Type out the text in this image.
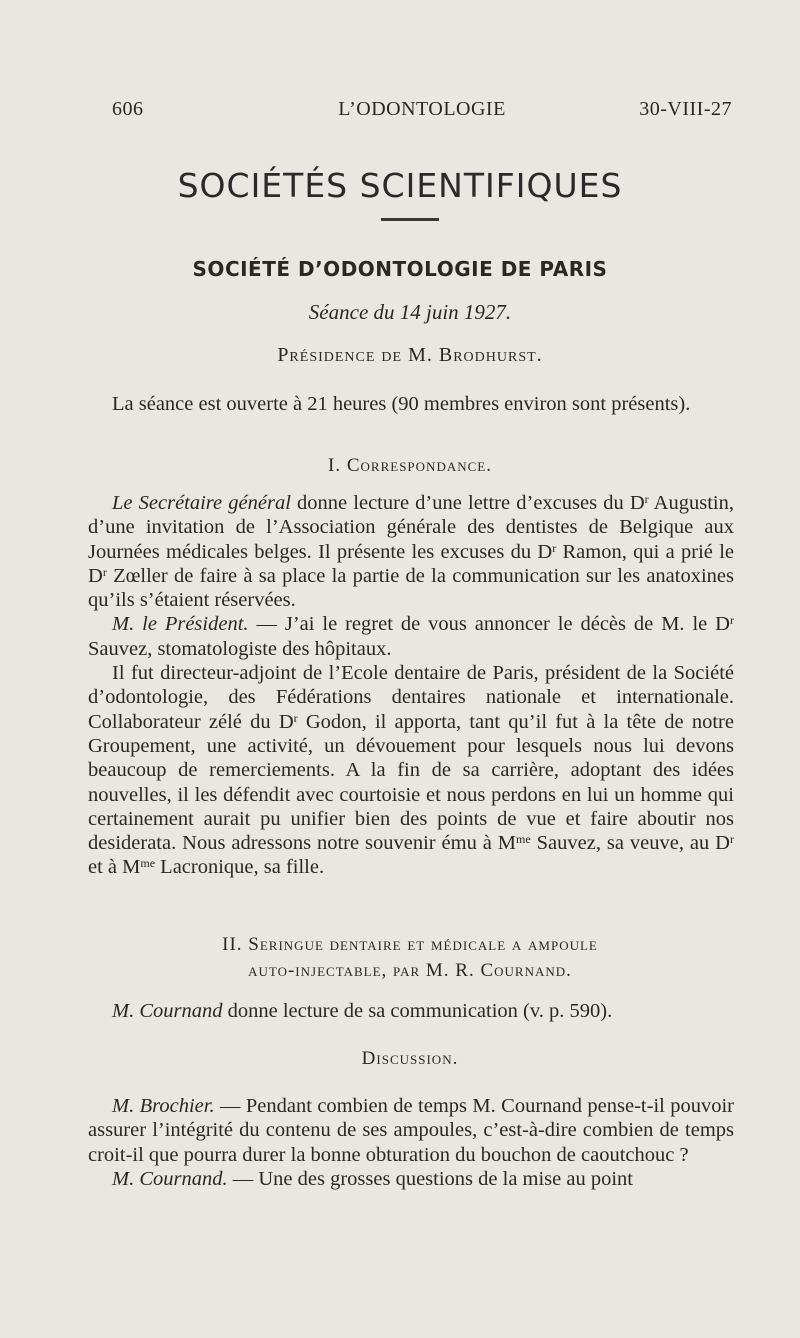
606	L’ODONTOLOGIE	30-VIII-27
SOCIÉTÉS SCIENTIFIQUES
SOCIÉTÉ D’ODONTOLOGIE DE PARIS
Séance du 14 juin 1927.
Présidence de M. Brodhurst.
La séance est ouverte à 21 heures (90 membres environ sont présents).
I. Correspondance.
Le Secrétaire général donne lecture d’une lettre d’excuses du $D^r$ Augustin, d’une invitation de l’Association générale des dentistes de Belgique aux Journées médicales belges. Il présente les excuses du $D^r$ Ramon, qui a prié le $D^r$ Zœller de faire à sa place la partie de la communication sur les anatoxines qu’ils s’étaient réservées.
M. le Président. — J’ai le regret de vous annoncer le décès de M. le $D^r$ Sauvez, stomatologiste des hôpitaux.
Il fut directeur-adjoint de l’Ecole dentaire de Paris, président de la Société d’odontologie, des Fédérations dentaires nationale et internationale. Collaborateur zélé du $D^r$ Godon, il apporta, tant qu’il fut à la tête de notre Groupement, une activité, un dévouement pour lesquels nous lui devons beaucoup de remerciements. A la fin de sa carrière, adoptant des idées nouvelles, il les défendit avec courtoisie et nous perdons en lui un homme qui certainement aurait pu unifier bien des points de vue et faire aboutir nos desiderata. Nous adressons notre souvenir ému à $M^{me}$ Sauvez, sa veuve, au $D^r$ et à $M^{me}$ Lacronique, sa fille.
II. Seringue dentaire et médicale a ampoule
auto-injectable, par M. R. Cournand.
M. Cournand donne lecture de sa communication (v. p. 590).
Discussion.
M. Brochier. — Pendant combien de temps M. Cournand pense-t-il pouvoir assurer l’intégrité du contenu de ses ampoules, c’est-à-dire combien de temps croit-il que pourra durer la bonne obturation du bouchon de caoutchouc ?
M. Cournand. — Une des grosses questions de la mise au point
